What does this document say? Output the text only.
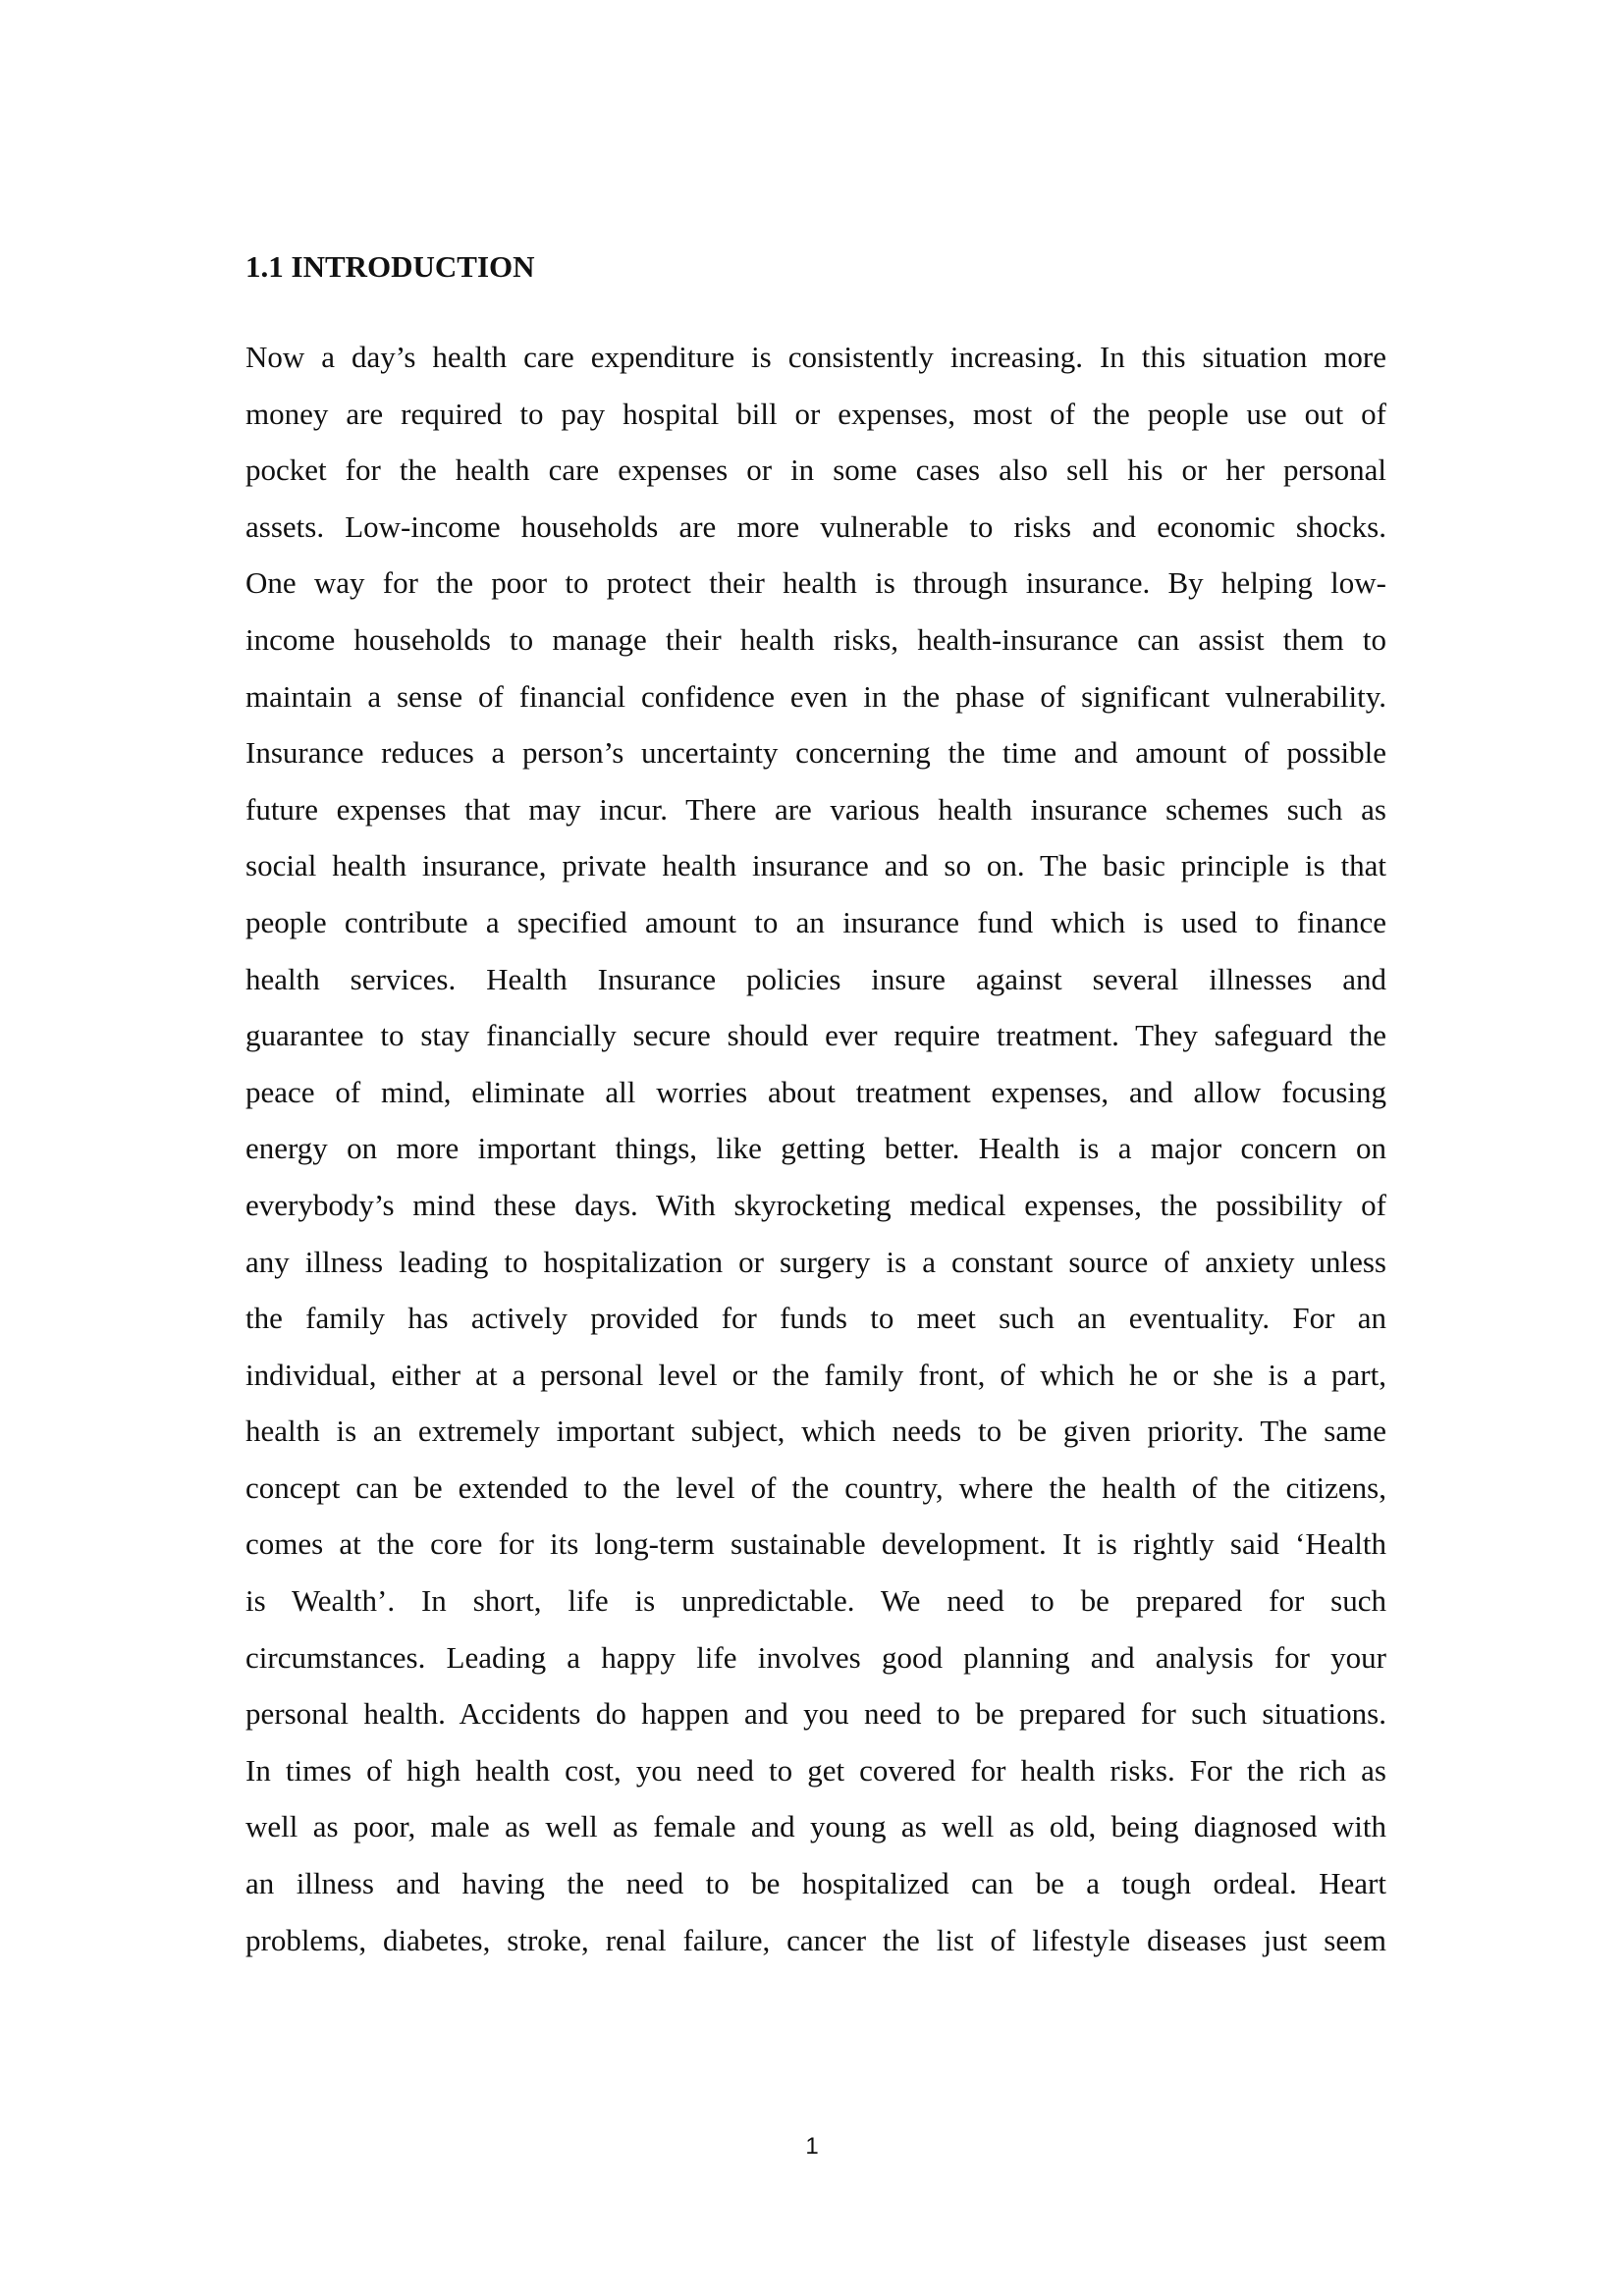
1.1 INTRODUCTION
Now a day’s health care expenditure is consistently increasing. In this situation more
money are required to pay hospital bill or expenses, most of the people use out of
pocket for the health care expenses or in some cases also sell his or her personal
assets. Low-income households are more vulnerable to risks and economic shocks.
One way for the poor to protect their health is through insurance. By helping low-
income households to manage their health risks, health-insurance can assist them to
maintain a sense of financial confidence even in the phase of significant vulnerability.
Insurance reduces a person’s uncertainty concerning the time and amount of possible
future expenses that may incur. There are various health insurance schemes such as
social health insurance, private health insurance and so on. The basic principle is that
people contribute a specified amount to an insurance fund which is used to finance
health services. Health Insurance policies insure against several illnesses and
guarantee to stay financially secure should ever require treatment. They safeguard the
peace of mind, eliminate all worries about treatment expenses, and allow focusing
energy on more important things, like getting better. Health is a major concern on
everybody’s mind these days. With skyrocketing medical expenses, the possibility of
any illness leading to hospitalization or surgery is a constant source of anxiety unless
the family has actively provided for funds to meet such an eventuality. For an
individual, either at a personal level or the family front, of which he or she is a part,
health is an extremely important subject, which needs to be given priority. The same
concept can be extended to the level of the country, where the health of the citizens,
comes at the core for its long-term sustainable development. It is rightly said ‘Health
is Wealth’. In short, life is unpredictable. We need to be prepared for such
circumstances. Leading a happy life involves good planning and analysis for your
personal health. Accidents do happen and you need to be prepared for such situations.
In times of high health cost, you need to get covered for health risks. For the rich as
well as poor, male as well as female and young as well as old, being diagnosed with
an illness and having the need to be hospitalized can be a tough ordeal. Heart
problems, diabetes, stroke, renal failure, cancer the list of lifestyle diseases just seem
1
